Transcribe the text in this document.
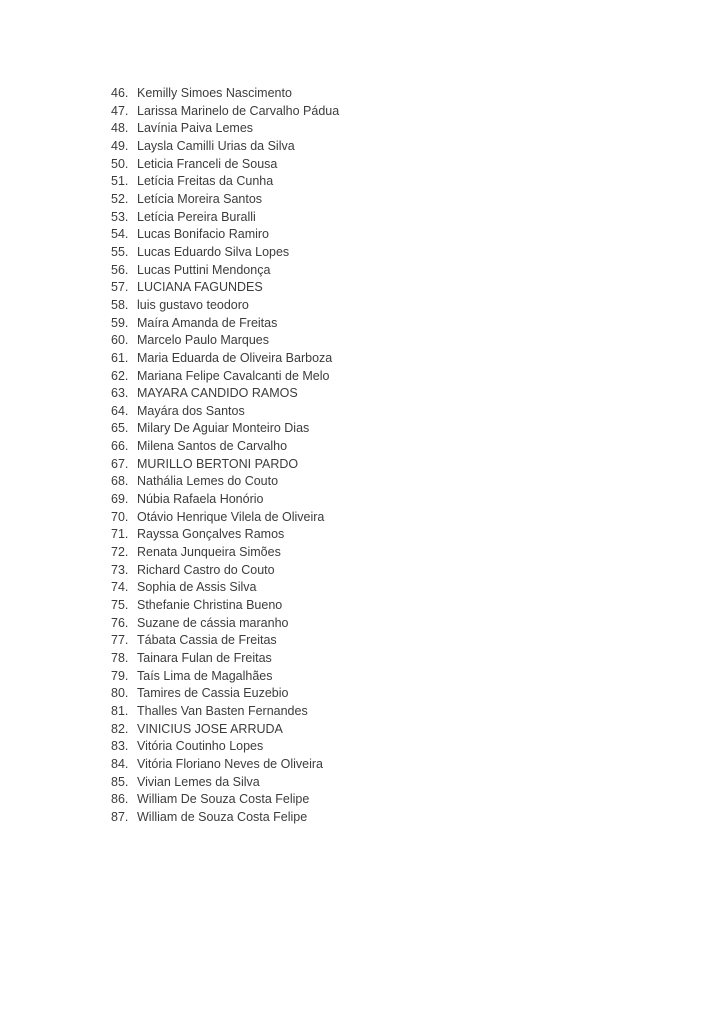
46. Kemilly Simoes Nascimento
47. Larissa Marinelo de Carvalho Pádua
48. Lavínia Paiva Lemes
49. Laysla Camilli Urias da Silva
50. Leticia Franceli de Sousa
51. Letícia Freitas da Cunha
52. Letícia Moreira Santos
53. Letícia Pereira Buralli
54. Lucas Bonifacio Ramiro
55. Lucas Eduardo Silva Lopes
56. Lucas Puttini Mendonça
57. LUCIANA FAGUNDES
58. luis gustavo teodoro
59. Maíra Amanda de Freitas
60. Marcelo Paulo Marques
61. Maria Eduarda de Oliveira Barboza
62. Mariana Felipe Cavalcanti de Melo
63. MAYARA CANDIDO RAMOS
64. Mayára dos Santos
65. Milary De Aguiar Monteiro Dias
66. Milena Santos de Carvalho
67. MURILLO BERTONI PARDO
68. Nathália Lemes do Couto
69. Núbia Rafaela Honório
70. Otávio Henrique Vilela de Oliveira
71. Rayssa Gonçalves Ramos
72. Renata Junqueira Simões
73. Richard Castro do Couto
74. Sophia de Assis Silva
75. Sthefanie Christina Bueno
76. Suzane de cássia maranho
77. Tábata Cassia de Freitas
78. Tainara Fulan de Freitas
79. Taís Lima de Magalhães
80. Tamires de Cassia Euzebio
81. Thalles Van Basten Fernandes
82. VINICIUS JOSE ARRUDA
83. Vitória Coutinho Lopes
84. Vitória Floriano Neves de Oliveira
85. Vivian Lemes da Silva
86. William De Souza Costa Felipe
87. William de Souza Costa Felipe
